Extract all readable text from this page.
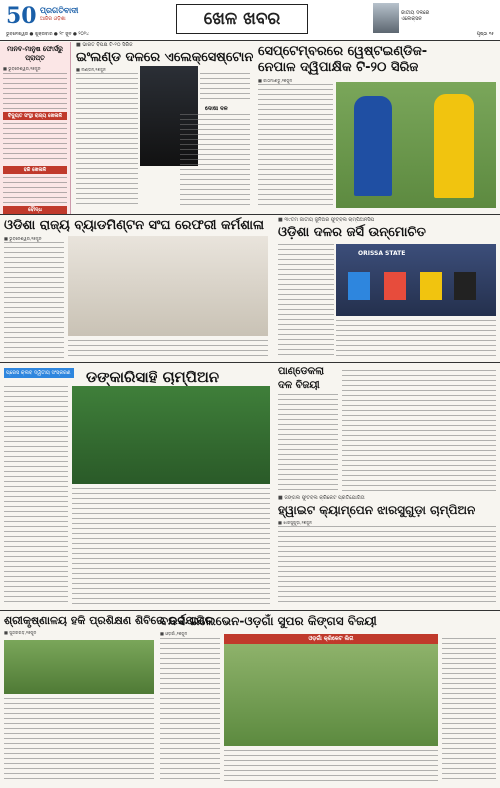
50 ପ୍ରଗତିବାଦୀ
ଆଜିର ଓଡ଼ିଶା
ଭୁବନେଶ୍ୱର ● ଶୁକ୍ରବାର ● ୨୮ ଜୁନ ● ୨୦୨୪
ଖେଳ ଖବର	ଜାତୀୟ ଦଳରେ ଏଲେକ୍ସନ
ପୃଷ୍ଠା ୧୫
ମାନବ-ମାନୁଷ ଫୋର୍ସରୁ ପ୍ରାପ୍ତ
■ ଭୁବନେଶ୍ୱର,୨୭ଜୁନ
ବିଦ୍ୟୁତ ସଂସ୍ଥା ରାଜ୍ୟ ଖେଳାଳି
ହକି ଖେଳାଳି
ବୌଦ୍ଧ
■ ଭାରତ ବିପକ୍ଷ ଟି-୨୦ ସିରିଜ
ଇଂଲଣ୍ଡ ଦଳରେ ଏଲେକ୍ସେଷ୍ଟୋନ
■ ଲଣ୍ଡନ,୨୭ଜୁନ
ଦୋଷୀ ଦଳ
ସେପ୍ଟେମ୍ବରରେ ୱେଷ୍ଟଇଣ୍ଡିଜ-
ନେପାଳ ଦ୍ୱିପାକ୍ଷିକ ଟି-୨୦ ସିରିଜ
■ କାଠମାଣ୍ଡୁ,୨୭ଜୁନ
ଓଡିଶା ରାଜ୍ୟ ବ୍ୟାଡମିଣ୍ଟନ ସଂଘ ରେଫରୀ କର୍ମଶାଳା
■ ଭୁବନେଶ୍ୱର,୨୭ଜୁନ
■ ୩୯ତମ ଜାତୀୟ ଜୁନିଅର ଫୁଟ୍‌ବଲ ଚାମ୍ପିଅନସିପ
ଓଡ଼ିଶା ଦଳର ଜର୍ସି ଉନ୍ମୋଚିତ
ORISSA STATE
ପ୍ରେସ କ୍ଲବ ଦ୍ୱିତୀୟ ସଂସ୍କରଣ ଡଙ୍କାରିସାହି ଚାମ୍ପିଅନ	ପାଣ୍ଡେକଲା
ଦଳ ବିଜୟୀ
■ ଜଙ୍ଗଲ ଫୁଟବଲ କ୍ରିକେଟ ପ୍ରତିଯୋଗିତା
ହ୍ୱାଇଟ କ୍ୟାମ୍ପେନ ଝାରସୁଗୁଡ଼ା ଚାମ୍ପିଅନ
■ ଝାରସୁଗୁଡ଼ା,୨୭ଜୁନ
ଶ୍ରୀକୃଷ୍ଣାଳୟ ହକି ପ୍ରଶିକ୍ଷଣ ଶିବିରେ ଉଦଯାପିତ
■ ସୁନ୍ଦରଗଡ଼,୨୭ଜୁନ
ବନ୍ଦର୍ସ ଇଲେଭେନ-ଓଡ଼ଗାଁ ସୁପର କିଙ୍ଗସ ବିଜୟୀ
■ ଓଡ଼ଗାଁ,୨୭ଜୁନ
ଓଡ଼ଗାଁ କ୍ରିକେଟ ଲିଗ
